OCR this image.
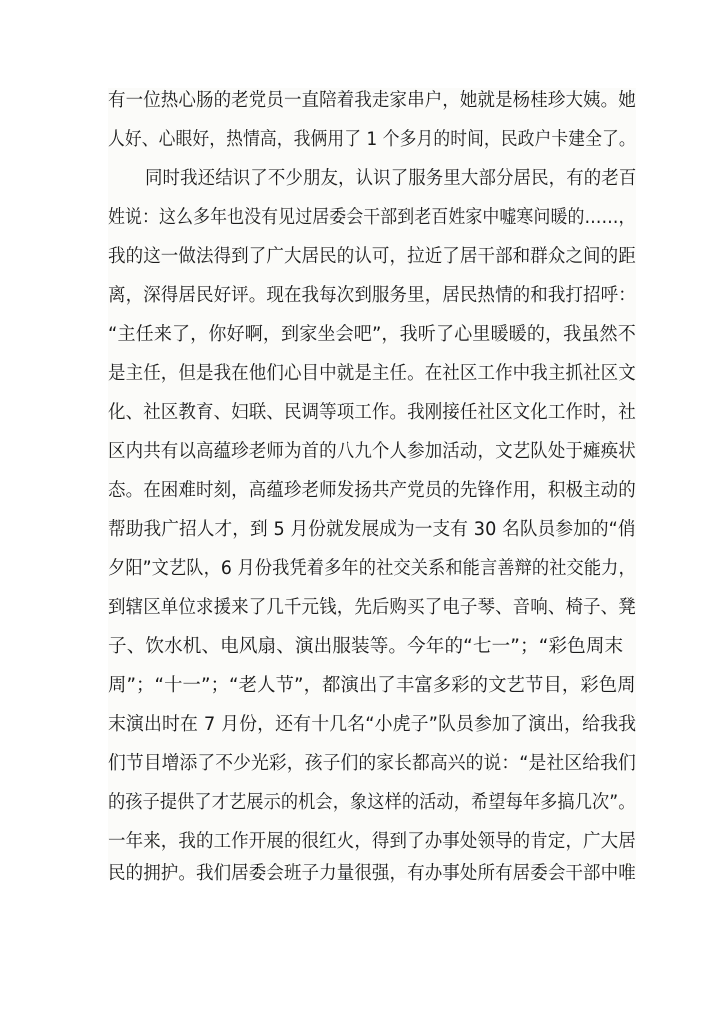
有一位热心肠的老党员一直陪着我走家串户，她就是杨桂珍大姨。她
人好、心眼好，热情高，我俩用了 1 个多月的时间，民政户卡建全了。
同时我还结识了不少朋友，认识了服务里大部分居民，有的老百
姓说：这么多年也没有见过居委会干部到老百姓家中嘘寒问暖的……，
我的这一做法得到了广大居民的认可，拉近了居干部和群众之间的距
离，深得居民好评。现在我每次到服务里，居民热情的和我打招呼：
“主任来了，你好啊，到家坐会吧”，我听了心里暖暖的，我虽然不
是主任，但是我在他们心目中就是主任。在社区工作中我主抓社区文
化、社区教育、妇联、民调等项工作。我刚接任社区文化工作时，社
区内共有以高蕴珍老师为首的八九个人参加活动，文艺队处于瘫痪状
态。在困难时刻，高蕴珍老师发扬共产党员的先锋作用，积极主动的
帮助我广招人才，到 5 月份就发展成为一支有 30 名队员参加的“俏
夕阳”文艺队，6 月份我凭着多年的社交关系和能言善辩的社交能力，
到辖区单位求援来了几千元钱，先后购买了电子琴、音响、椅子、凳
子、饮水机、电风扇、演出服装等。今年的“七一”；“彩色周末
周”；“十一”；“老人节”，都演出了丰富多彩的文艺节目，彩色周
末演出时在 7 月份，还有十几名“小虎子”队员参加了演出，给我我
们节目增添了不少光彩，孩子们的家长都高兴的说：“是社区给我们
的孩子提供了才艺展示的机会，象这样的活动，希望每年多搞几次”。
一年来，我的工作开展的很红火，得到了办事处领导的肯定，广大居
民的拥护。我们居委会班子力量很强，有办事处所有居委会干部中唯
